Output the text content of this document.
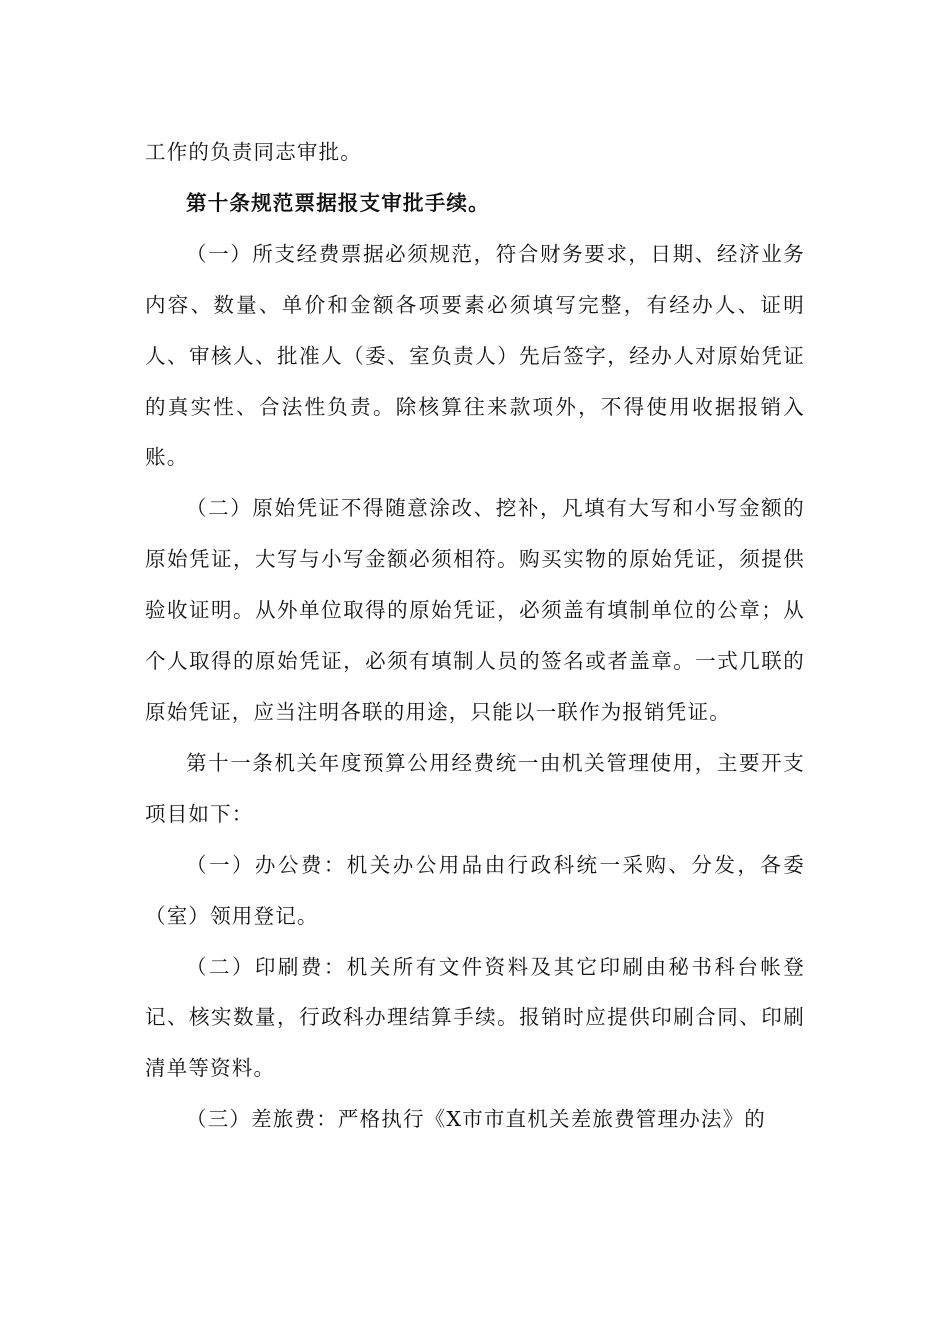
工作的负责同志审批。

第十条规范票据报支审批手续。

（一）所支经费票据必须规范，符合财务要求，日期、经济业务内容、数量、单价和金额各项要素必须填写完整，有经办人、证明人、审核人、批准人（委、室负责人）先后签字，经办人对原始凭证的真实性、合法性负责。除核算往来款项外，不得使用收据报销入账。

（二）原始凭证不得随意涂改、挖补，凡填有大写和小写金额的原始凭证，大写与小写金额必须相符。购买实物的原始凭证，须提供验收证明。从外单位取得的原始凭证，必须盖有填制单位的公章；从个人取得的原始凭证，必须有填制人员的签名或者盖章。一式几联的原始凭证，应当注明各联的用途，只能以一联作为报销凭证。

第十一条机关年度预算公用经费统一由机关管理使用，主要开支项目如下：

（一）办公费：机关办公用品由行政科统一采购、分发，各委（室）领用登记。

（二）印刷费：机关所有文件资料及其它印刷由秘书科台帐登记、核实数量，行政科办理结算手续。报销时应提供印刷合同、印刷清单等资料。

（三）差旅费：严格执行《X市市直机关差旅费管理办法》的
